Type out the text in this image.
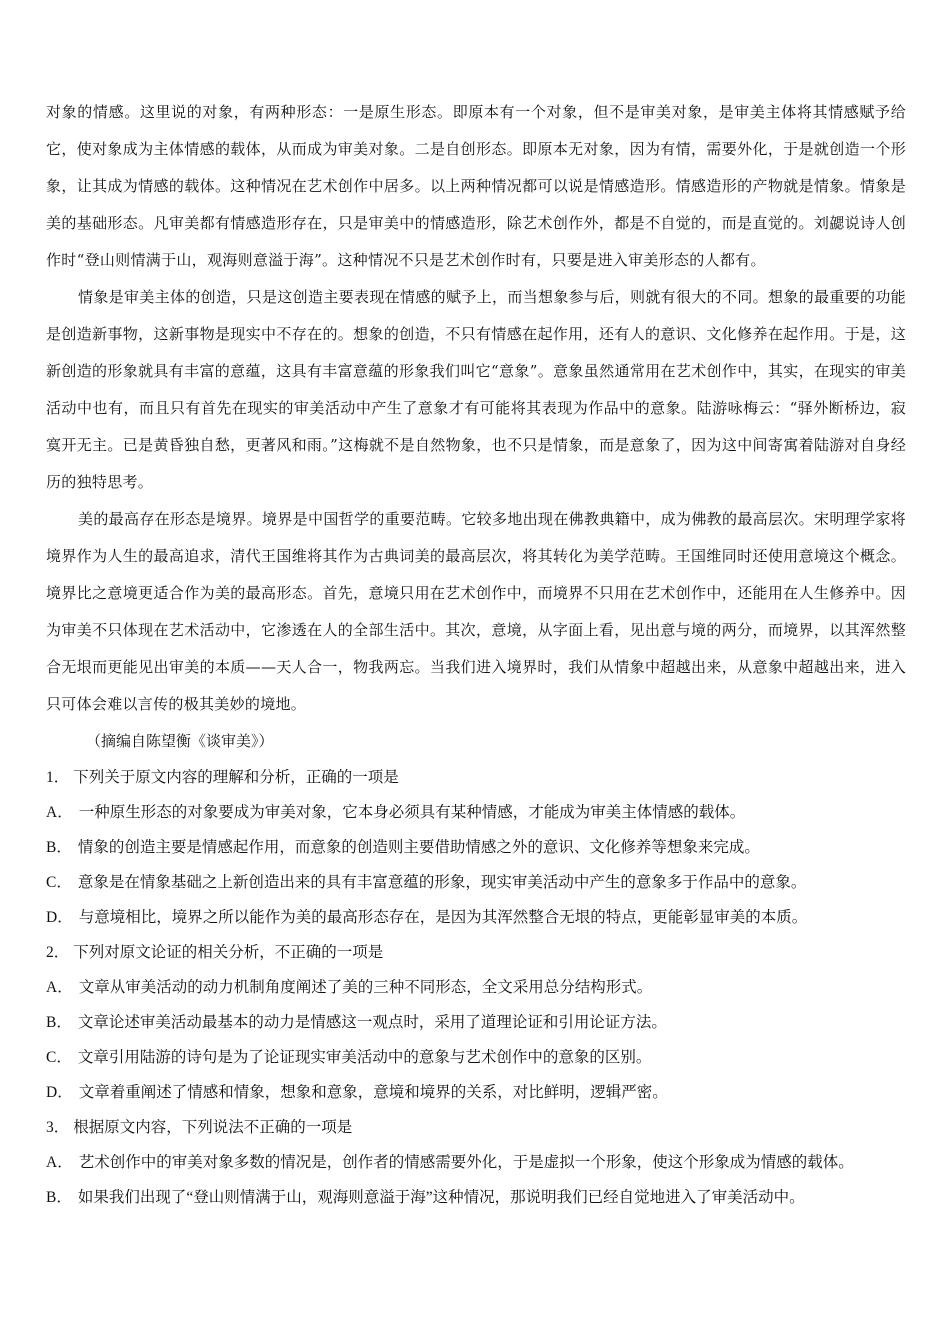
对象的情感。这里说的对象，有两种形态：一是原生形态。即原本有一个对象，但不是审美对象，是审美主体将其情感赋予给它，使对象成为主体情感的载体，从而成为审美对象。二是自创形态。即原本无对象，因为有情，需要外化，于是就创造一个形象，让其成为情感的载体。这种情况在艺术创作中居多。以上两种情况都可以说是情感造形。情感造形的产物就是情象。情象是美的基础形态。凡审美都有情感造形存在，只是审美中的情感造形，除艺术创作外，都是不自觉的，而是直觉的。刘勰说诗人创作时“登山则情满于山，观海则意溢于海”。这种情况不只是艺术创作时有，只要是进入审美形态的人都有。

情象是审美主体的创造，只是这创造主要表现在情感的赋予上，而当想象参与后，则就有很大的不同。想象的最重要的功能是创造新事物，这新事物是现实中不存在的。想象的创造，不只有情感在起作用，还有人的意识、文化修养在起作用。于是，这新创造的形象就具有丰富的意蕴，这具有丰富意蕴的形象我们叫它“意象”。意象虽然通常用在艺术创作中，其实，在现实的审美活动中也有，而且只有首先在现实的审美活动中产生了意象才有可能将其表现为作品中的意象。陆游咏梅云：“驿外断桥边，寂寞开无主。已是黄昏独自愁，更著风和雨。”这梅就不是自然物象，也不只是情象，而是意象了，因为这中间寄寓着陆游对自身经历的独特思考。

美的最高存在形态是境界。境界是中国哲学的重要范畴。它较多地出现在佛教典籍中，成为佛教的最高层次。宋明理学家将境界作为人生的最高追求，清代王国维将其作为古典词美的最高层次，将其转化为美学范畴。王国维同时还使用意境这个概念。境界比之意境更适合作为美的最高形态。首先，意境只用在艺术创作中，而境界不只用在艺术创作中，还能用在人生修养中。因为审美不只体现在艺术活动中，它渗透在人的全部生活中。其次，意境，从字面上看，见出意与境的两分，而境界，以其浑然整合无垠而更能见出审美的本质——天人合一，物我两忘。当我们进入境界时，我们从情象中超越出来，从意象中超越出来，进入只可体会难以言传的极其美妙的境地。

（摘编自陈望衡《谈审美》）

1． 下列关于原文内容的理解和分析，正确的一项是

A． 一种原生形态的对象要成为审美对象，它本身必须具有某种情感，才能成为审美主体情感的载体。

B． 情象的创造主要是情感起作用，而意象的创造则主要借助情感之外的意识、文化修养等想象来完成。

C． 意象是在情象基础之上新创造出来的具有丰富意蕴的形象，现实审美活动中产生的意象多于作品中的意象。

D． 与意境相比，境界之所以能作为美的最高形态存在，是因为其浑然整合无垠的特点，更能彰显审美的本质。

2． 下列对原文论证的相关分析，不正确的一项是

A． 文章从审美活动的动力机制角度阐述了美的三种不同形态，全文采用总分结构形式。

B． 文章论述审美活动最基本的动力是情感这一观点时，采用了道理论证和引用论证方法。

C． 文章引用陆游的诗句是为了论证现实审美活动中的意象与艺术创作中的意象的区别。

D． 文章着重阐述了情感和情象，想象和意象，意境和境界的关系，对比鲜明，逻辑严密。

3． 根据原文内容，下列说法不正确的一项是

A． 艺术创作中的审美对象多数的情况是，创作者的情感需要外化，于是虚拟一个形象，使这个形象成为情感的载体。

B． 如果我们出现了“登山则情满于山，观海则意溢于海”这种情况，那说明我们已经自觉地进入了审美活动中。
